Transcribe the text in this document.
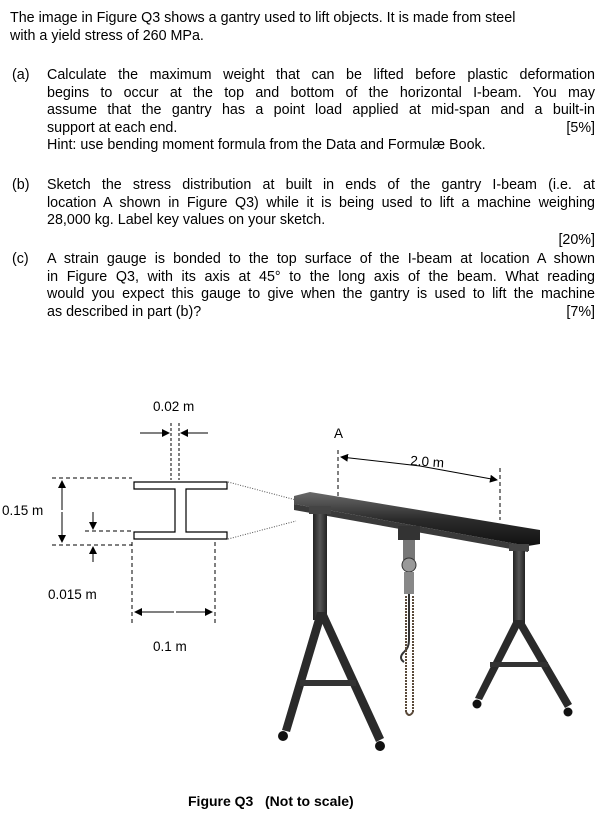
The image in Figure Q3 shows a gantry used to lift objects. It is made from steel
with a yield stress of 260 MPa.
(a) Calculate the maximum weight that can be lifted before plastic deformation
begins to occur at the top and bottom of the horizontal I-beam. You may
assume that the gantry has a point load applied at mid-span and a built-in
support at each end.	[5%]
Hint: use bending moment formula from the Data and Formulæ Book.
(b) Sketch the stress distribution at built in ends of the gantry I-beam (i.e. at
location A shown in Figure Q3) while it is being used to lift a machine weighing
28,000 kg. Label key values on your sketch.
[20%]
(c) A strain gauge is bonded to the top surface of the I-beam at location A shown
in Figure Q3, with its axis at 45° to the long axis of the beam. What reading
would you expect this gauge to give when the gantry is used to lift the machine
as described in part (b)?	[7%]
0.02 m
0.15 m
0.015 m
0.1 m
A
2.0 m
Figure Q3   (Not to scale)
